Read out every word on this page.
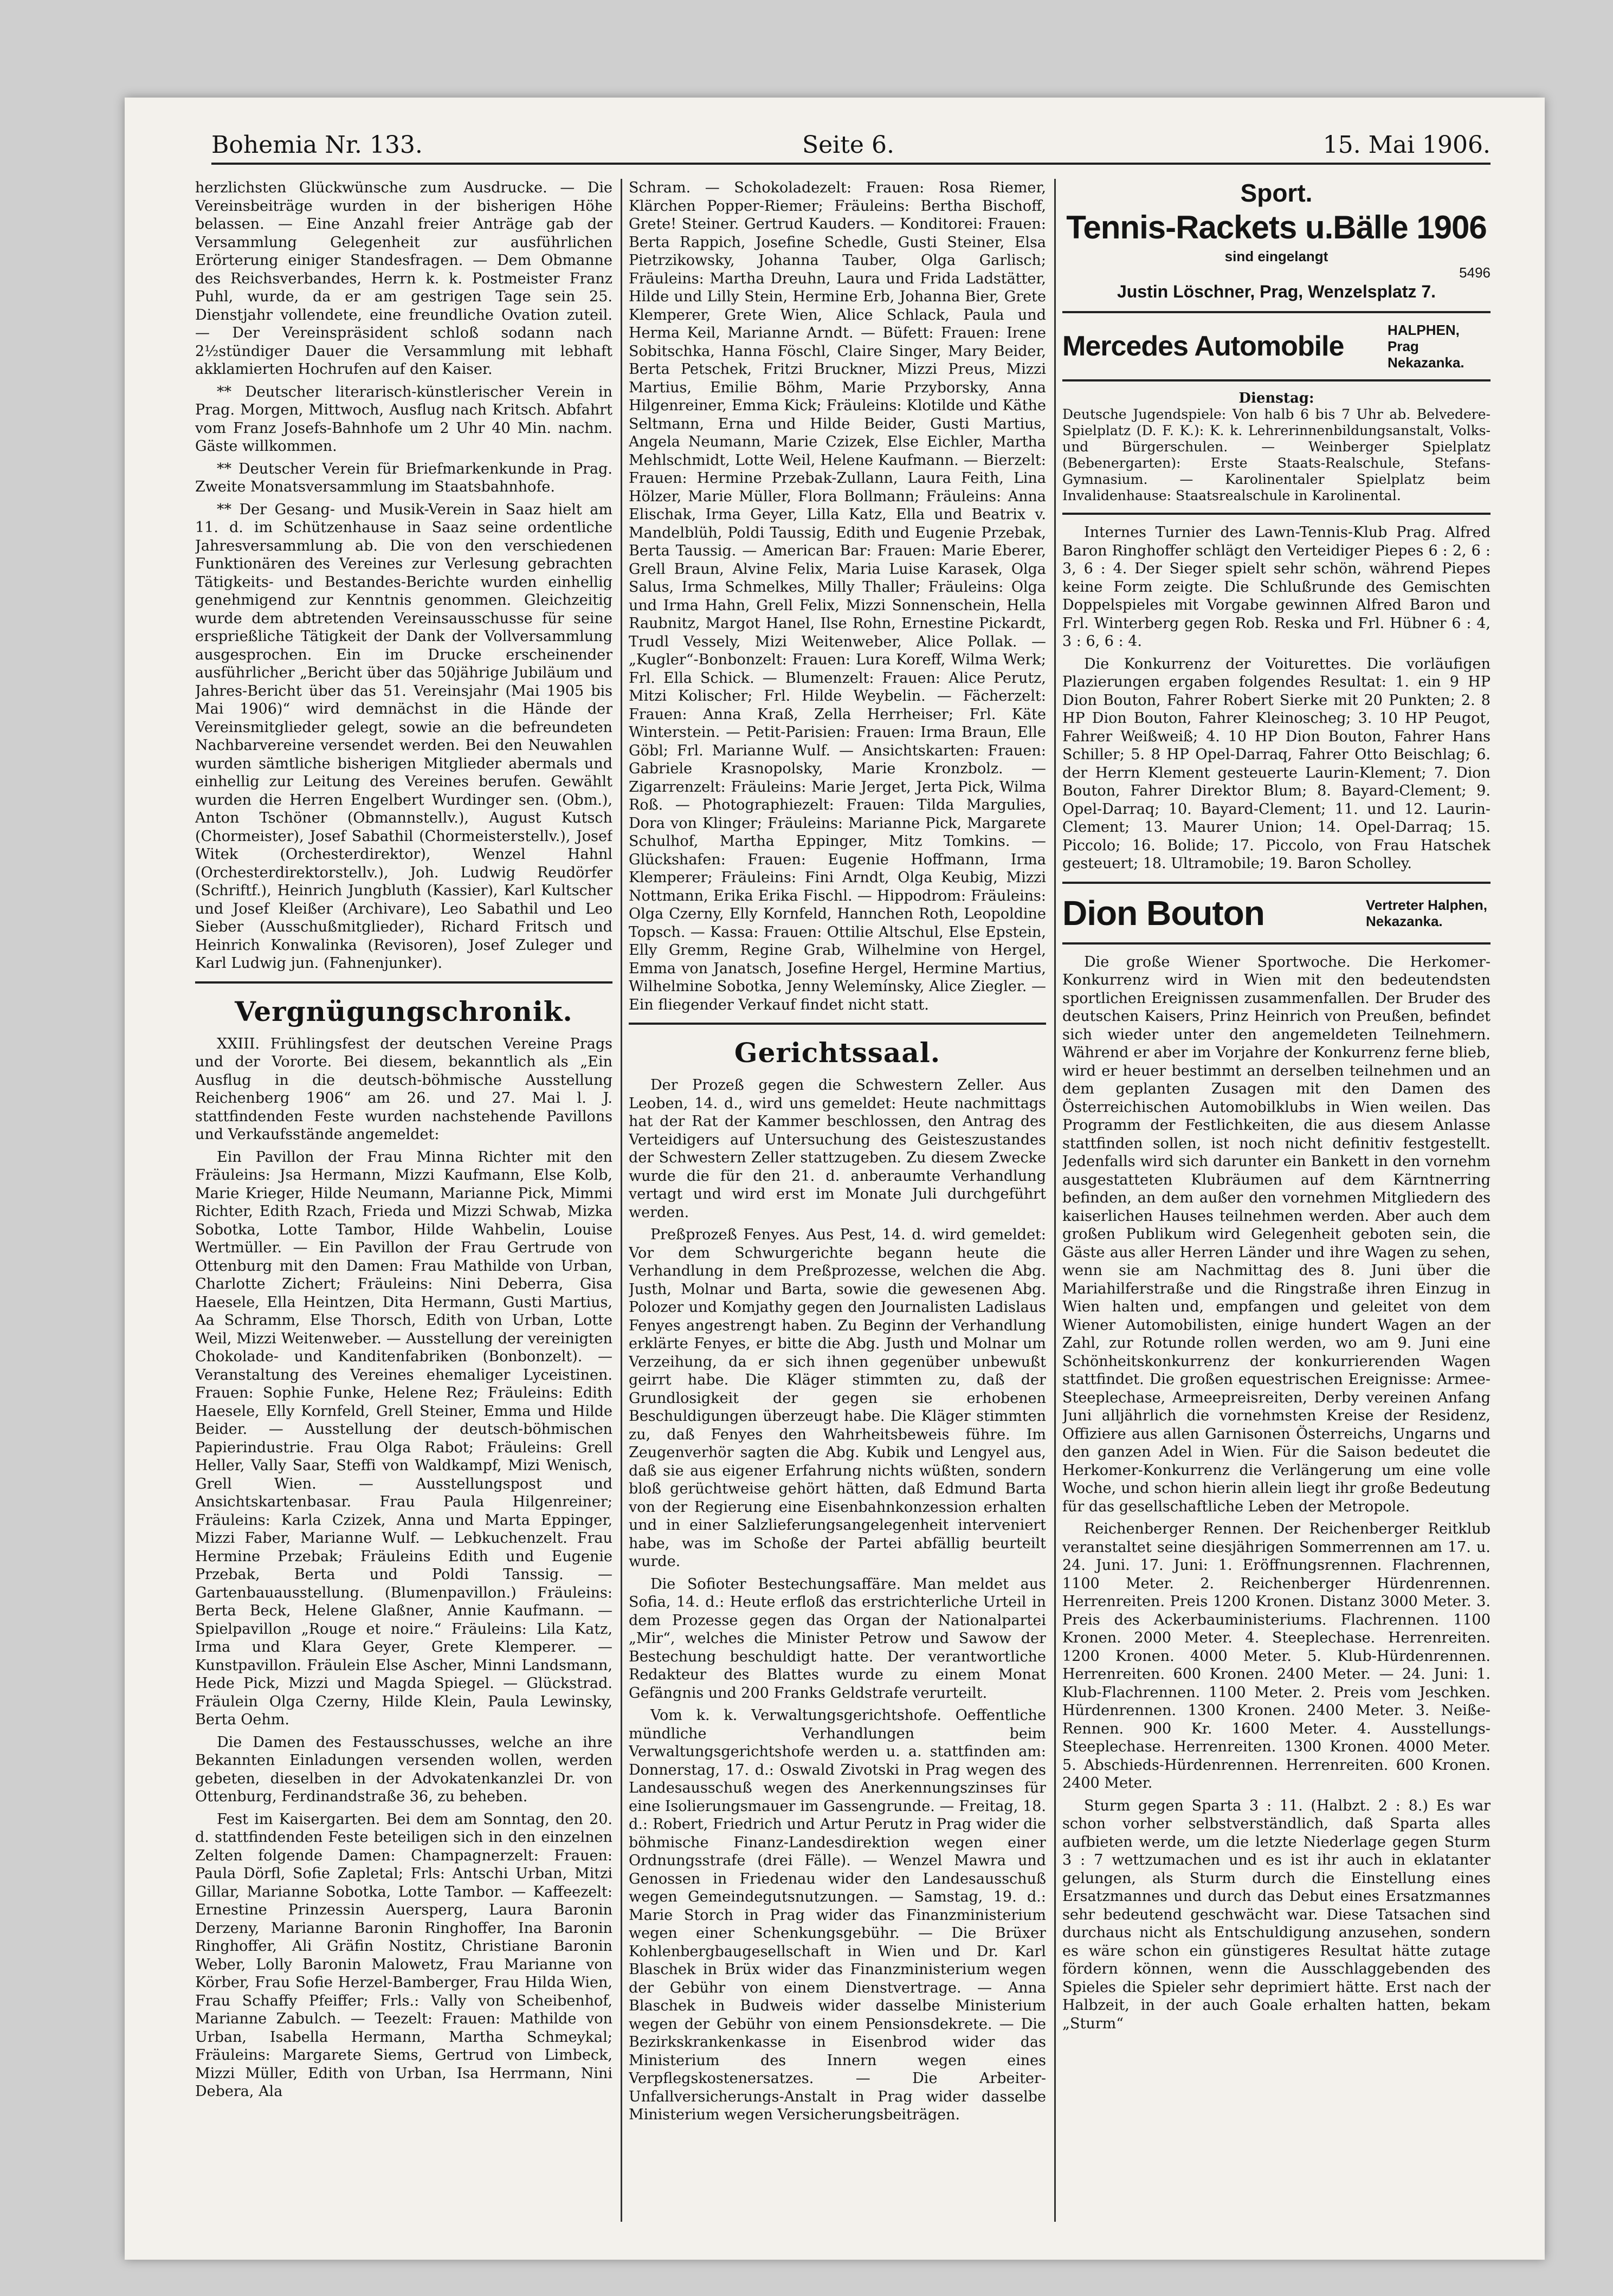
Bohemia Nr. 133.	Seite 6.	15. Mai 1906.

herzlichsten Glückwünsche zum Ausdrucke. — Die Vereinsbeiträge wurden in der bisherigen Höhe belassen. — Eine Anzahl freier Anträge gab der Versammlung Gelegenheit zur ausführlichen Erörterung einiger Standesfragen. — Dem Obmanne des Reichsverbandes, Herrn k. k. Postmeister Franz Puhl, wurde, da er am gestrigen Tage sein 25. Dienstjahr vollendete, eine freundliche Ovation zuteil. — Der Vereinspräsident schloß sodann nach 2½stündiger Dauer die Versammlung mit lebhaft akklamierten Hochrufen auf den Kaiser.

** Deutscher literarisch-künstlerischer Verein in Prag. Morgen, Mittwoch, Ausflug nach Kritsch. Abfahrt vom Franz Josefs-Bahnhofe um 2 Uhr 40 Min. nachm. Gäste willkommen.

** Deutscher Verein für Briefmarkenkunde in Prag. Zweite Monatsversammlung im Staatsbahnhofe.

** Der Gesang- und Musik-Verein in Saaz hielt am 11. d. im Schützenhause in Saaz seine ordentliche Jahresversammlung ab. Die von den verschiedenen Funktionären des Vereines zur Verlesung gebrachten Tätigkeits- und Bestandes-Berichte wurden einhellig genehmigend zur Kenntnis genommen. Gleichzeitig wurde dem abtretenden Vereinsausschusse für seine ersprießliche Tätigkeit der Dank der Vollversammlung ausgesprochen. Ein im Drucke erscheinender ausführlicher „Bericht über das 50jährige Jubiläum und Jahres-Bericht über das 51. Vereinsjahr (Mai 1905 bis Mai 1906)“ wird demnächst in die Hände der Vereinsmitglieder gelegt, sowie an die befreundeten Nachbarvereine versendet werden. Bei den Neuwahlen wurden sämtliche bisherigen Mitglieder abermals und einhellig zur Leitung des Vereines berufen. Gewählt wurden die Herren Engelbert Wurdinger sen. (Obm.), Anton Tschöner (Obmannstellv.), August Kutsch (Chormeister), Josef Sabathil (Chormeisterstellv.), Josef Witek (Orchesterdirektor), Wenzel Hahnl (Orchesterdirektorstellv.), Joh. Ludwig Reudörfer (Schriftf.), Heinrich Jungbluth (Kassier), Karl Kultscher und Josef Kleißer (Archivare), Leo Sabathil und Leo Sieber (Ausschußmitglieder), Richard Fritsch und Heinrich Konwalinka (Revisoren), Josef Zuleger und Karl Ludwig jun. (Fahnenjunker).

Vergnügungschronik.

XXIII. Frühlingsfest der deutschen Vereine Prags und der Vororte. Bei diesem, bekanntlich als „Ein Ausflug in die deutsch-böhmische Ausstellung Reichenberg 1906“ am 26. und 27. Mai l. J. stattfindenden Feste wurden nachstehende Pavillons und Verkaufsstände angemeldet:

Ein Pavillon der Frau Minna Richter mit den Fräuleins: Jsa Hermann, Mizzi Kaufmann, Else Kolb, Marie Krieger, Hilde Neumann, Marianne Pick, Mimmi Richter, Edith Rzach, Frieda und Mizzi Schwab, Mizka Sobotka, Lotte Tambor, Hilde Wahbelin, Louise Wertmüller. — Ein Pavillon der Frau Gertrude von Ottenburg mit den Damen: Frau Mathilde von Urban, Charlotte Zichert; Fräuleins: Nini Deberra, Gisa Haesele, Ella Heintzen, Dita Hermann, Gusti Martius, Aa Schramm, Else Thorsch, Edith von Urban, Lotte Weil, Mizzi Weitenweber. — Ausstellung der vereinigten Chokolade- und Kanditenfabriken (Bonbonzelt). — Veranstaltung des Vereines ehemaliger Lyceistinen. Frauen: Sophie Funke, Helene Rez; Fräuleins: Edith Haesele, Elly Kornfeld, Grell Steiner, Emma und Hilde Beider. — Ausstellung der deutsch-böhmischen Papierindustrie. Frau Olga Rabot; Fräuleins: Grell Heller, Vally Saar, Steffi von Waldkampf, Mizi Wenisch, Grell Wien. — Ausstellungspost und Ansichtskartenbasar. Frau Paula Hilgenreiner; Fräuleins: Karla Czizek, Anna und Marta Eppinger, Mizzi Faber, Marianne Wulf. — Lebkuchenzelt. Frau Hermine Przebak; Fräuleins Edith und Eugenie Przebak, Berta und Poldi Tanssig. — Gartenbauausstellung. (Blumenpavillon.) Fräuleins: Berta Beck, Helene Glaßner, Annie Kaufmann. — Spielpavillon „Rouge et noire.“ Fräuleins: Lila Katz, Irma und Klara Geyer, Grete Klemperer. — Kunstpavillon. Fräulein Else Ascher, Minni Landsmann, Hede Pick, Mizzi und Magda Spiegel. — Glückstrad. Fräulein Olga Czerny, Hilde Klein, Paula Lewinsky, Berta Oehm.

Die Damen des Festausschusses, welche an ihre Bekannten Einladungen versenden wollen, werden gebeten, dieselben in der Advokatenkanzlei Dr. von Ottenburg, Ferdinandstraße 36, zu beheben.

Fest im Kaisergarten. Bei dem am Sonntag, den 20. d. stattfindenden Feste beteiligen sich in den einzelnen Zelten folgende Damen: Champagnerzelt: Frauen: Paula Dörfl, Sofie Zapletal; Frls: Antschi Urban, Mitzi Gillar, Marianne Sobotka, Lotte Tambor. — Kaffeezelt: Ernestine Prinzessin Auersperg, Laura Baronin Derzeny, Marianne Baronin Ringhoffer, Ina Baronin Ringhoffer, Ali Gräfin Nostitz, Christiane Baronin Weber, Lolly Baronin Malowetz, Frau Marianne von Körber, Frau Sofie Herzel-Bamberger, Frau Hilda Wien, Frau Schaffy Pfeiffer; Frls.: Vally von Scheibenhof, Marianne Zabulch. — Teezelt: Frauen: Mathilde von Urban, Isabella Hermann, Martha Schmeykal; Fräuleins: Margarete Siems, Gertrud von Limbeck, Mizzi Müller, Edith von Urban, Isa Herrmann, Nini Debera, Ala

Schram. — Schokoladezelt: Frauen: Rosa Riemer, Klärchen Popper-Riemer; Fräuleins: Bertha Bischoff, Grete! Steiner. Gertrud Kauders. — Konditorei: Frauen: Berta Rappich, Josefine Schedle, Gusti Steiner, Elsa Pietrzikowsky, Johanna Tauber, Olga Garlisch; Fräuleins: Martha Dreuhn, Laura und Frida Ladstätter, Hilde und Lilly Stein, Hermine Erb, Johanna Bier, Grete Klemperer, Grete Wien, Alice Schlack, Paula und Herma Keil, Marianne Arndt. — Büfett: Frauen: Irene Sobitschka, Hanna Föschl, Claire Singer, Mary Beider, Berta Petschek, Fritzi Bruckner, Mizzi Preus, Mizzi Martius, Emilie Böhm, Marie Przyborsky, Anna Hilgenreiner, Emma Kick; Fräuleins: Klotilde und Käthe Seltmann, Erna und Hilde Beider, Gusti Martius, Angela Neumann, Marie Czizek, Else Eichler, Martha Mehlschmidt, Lotte Weil, Helene Kaufmann. — Bierzelt: Frauen: Hermine Przebak-Zullann, Laura Feith, Lina Hölzer, Marie Müller, Flora Bollmann; Fräuleins: Anna Elischak, Irma Geyer, Lilla Katz, Ella und Beatrix v. Mandelblüh, Poldi Taussig, Edith und Eugenie Przebak, Berta Taussig. — American Bar: Frauen: Marie Eberer, Grell Braun, Alvine Felix, Maria Luise Karasek, Olga Salus, Irma Schmelkes, Milly Thaller; Fräuleins: Olga und Irma Hahn, Grell Felix, Mizzi Sonnenschein, Hella Raubnitz, Margot Hanel, Ilse Rohn, Ernestine Pickardt, Trudl Vessely, Mizi Weitenweber, Alice Pollak. — „Kugler“-Bonbonzelt: Frauen: Lura Koreff, Wilma Werk; Frl. Ella Schick. — Blumenzelt: Frauen: Alice Perutz, Mitzi Kolischer; Frl. Hilde Weybelin. — Fächerzelt: Frauen: Anna Kraß, Zella Herrheiser; Frl. Käte Winterstein. — Petit-Parisien: Frauen: Irma Braun, Elle Göbl; Frl. Marianne Wulf. — Ansichtskarten: Frauen: Gabriele Krasnopolsky, Marie Kronzbolz. — Zigarrenzelt: Fräuleins: Marie Jerget, Jerta Pick, Wilma Roß. — Photographiezelt: Frauen: Tilda Margulies, Dora von Klinger; Fräuleins: Marianne Pick, Margarete Schulhof, Martha Eppinger, Mitz Tomkins. — Glückshafen: Frauen: Eugenie Hoffmann, Irma Klemperer; Fräuleins: Fini Arndt, Olga Keubig, Mizzi Nottmann, Erika Erika Fischl. — Hippodrom: Fräuleins: Olga Czerny, Elly Kornfeld, Hannchen Roth, Leopoldine Topsch. — Kassa: Frauen: Ottilie Altschul, Else Epstein, Elly Gremm, Regine Grab, Wilhelmine von Hergel, Emma von Janatsch, Josefine Hergel, Hermine Martius, Wilhelmine Sobotka, Jenny Welemínsky, Alice Ziegler. — Ein fliegender Verkauf findet nicht statt.

Gerichtssaal.

Der Prozeß gegen die Schwestern Zeller. Aus Leoben, 14. d., wird uns gemeldet: Heute nachmittags hat der Rat der Kammer beschlossen, den Antrag des Verteidigers auf Untersuchung des Geisteszustandes der Schwestern Zeller stattzugeben. Zu diesem Zwecke wurde die für den 21. d. anberaumte Verhandlung vertagt und wird erst im Monate Juli durchgeführt werden.

Preßprozeß Fenyes. Aus Pest, 14. d. wird gemeldet: Vor dem Schwurgerichte begann heute die Verhandlung in dem Preßprozesse, welchen die Abg. Justh, Molnar und Barta, sowie die gewesenen Abg. Polozer und Komjathy gegen den Journalisten Ladislaus Fenyes angestrengt haben. Zu Beginn der Verhandlung erklärte Fenyes, er bitte die Abg. Justh und Molnar um Verzeihung, da er sich ihnen gegenüber unbewußt geirrt habe. Die Kläger stimmten zu, daß der Grundlosigkeit der gegen sie erhobenen Beschuldigungen überzeugt habe. Die Kläger stimmten zu, daß Fenyes den Wahrheitsbeweis führe. Im Zeugenverhör sagten die Abg. Kubik und Lengyel aus, daß sie aus eigener Erfahrung nichts wüßten, sondern bloß gerüchtweise gehört hätten, daß Edmund Barta von der Regierung eine Eisenbahnkonzession erhalten und in einer Salzlieferungsangelegenheit interveniert habe, was im Schoße der Partei abfällig beurteilt wurde.

Die Sofioter Bestechungsaffäre. Man meldet aus Sofia, 14. d.: Heute erfloß das erstrichterliche Urteil in dem Prozesse gegen das Organ der Nationalpartei „Mir“, welches die Minister Petrow und Sawow der Bestechung beschuldigt hatte. Der verantwortliche Redakteur des Blattes wurde zu einem Monat Gefängnis und 200 Franks Geldstrafe verurteilt.

Vom k. k. Verwaltungsgerichtshofe. Oeffentliche mündliche Verhandlungen beim Verwaltungsgerichtshofe werden u. a. stattfinden am: Donnerstag, 17. d.: Oswald Zivotski in Prag wegen des Landesausschuß wegen des Anerkennungszinses für eine Isolierungsmauer im Gassengrunde. — Freitag, 18. d.: Robert, Friedrich und Artur Perutz in Prag wider die böhmische Finanz-Landesdirektion wegen einer Ordnungsstrafe (drei Fälle). — Wenzel Mawra und Genossen in Friedenau wider den Landesausschuß wegen Gemeindegutsnutzungen. — Samstag, 19. d.: Marie Storch in Prag wider das Finanzministerium wegen einer Schenkungsgebühr. — Die Brüxer Kohlenbergbaugesellschaft in Wien und Dr. Karl Blaschek in Brüx wider das Finanzministerium wegen der Gebühr von einem Dienstvertrage. — Anna Blaschek in Budweis wider dasselbe Ministerium wegen der Gebühr von einem Pensionsdekrete. — Die Bezirkskrankenkasse in Eisenbrod wider das Ministerium des Innern wegen eines Verpflegskostenersatzes. — Die Arbeiter-Unfallversicherungs-Anstalt in Prag wider dasselbe Ministerium wegen Versicherungsbeiträgen.

Sport.
Tennis-Rackets u.Bälle 1906
sind eingelangt
5496
Justin Löschner, Prag, Wenzelsplatz 7.
Mercedes Automobile
HALPHEN, Prag Nekazanka.
Dienstag:

Deutsche Jugendspiele: Von halb 6 bis 7 Uhr ab. Belvedere-Spielplatz (D. F. K.): K. k. Lehrerinnenbildungsanstalt, Volks- und Bürgerschulen. — Weinberger Spielplatz (Bebenergarten): Erste Staats-Realschule, Stefans-Gymnasium. — Karolinentaler Spielplatz beim Invalidenhause: Staatsrealschule in Karolinental.

Internes Turnier des Lawn-Tennis-Klub Prag. Alfred Baron Ringhoffer schlägt den Verteidiger Piepes 6 : 2, 6 : 3, 6 : 4. Der Sieger spielt sehr schön, während Piepes keine Form zeigte. Die Schlußrunde des Gemischten Doppelspieles mit Vorgabe gewinnen Alfred Baron und Frl. Winterberg gegen Rob. Reska und Frl. Hübner 6 : 4, 3 : 6, 6 : 4.

Die Konkurrenz der Voiturettes. Die vorläufigen Plazierungen ergaben folgendes Resultat: 1. ein 9 HP Dion Bouton, Fahrer Robert Sierke mit 20 Punkten; 2. 8 HP Dion Bouton, Fahrer Kleinoscheg; 3. 10 HP Peugot, Fahrer Weißweiß; 4. 10 HP Dion Bouton, Fahrer Hans Schiller; 5. 8 HP Opel-Darraq, Fahrer Otto Beischlag; 6. der Herrn Klement gesteuerte Laurin-Klement; 7. Dion Bouton, Fahrer Direktor Blum; 8. Bayard-Clement; 9. Opel-Darraq; 10. Bayard-Clement; 11. und 12. Laurin-Clement; 13. Maurer Union; 14. Opel-Darraq; 15. Piccolo; 16. Bolide; 17. Piccolo, von Frau Hatschek gesteuert; 18. Ultramobile; 19. Baron Scholley.

Dion Bouton	Vertreter Halphen, Nekazanka.

Die große Wiener Sportwoche. Die Herkomer-Konkurrenz wird in Wien mit den bedeutendsten sportlichen Ereignissen zusammenfallen. Der Bruder des deutschen Kaisers, Prinz Heinrich von Preußen, befindet sich wieder unter den angemeldeten Teilnehmern. Während er aber im Vorjahre der Konkurrenz ferne blieb, wird er heuer bestimmt an derselben teilnehmen und an dem geplanten Zusagen mit den Damen des Österreichischen Automobilklubs in Wien weilen. Das Programm der Festlichkeiten, die aus diesem Anlasse stattfinden sollen, ist noch nicht definitiv festgestellt. Jedenfalls wird sich darunter ein Bankett in den vornehm ausgestatteten Klubräumen auf dem Kärntnerring befinden, an dem außer den vornehmen Mitgliedern des kaiserlichen Hauses teilnehmen werden. Aber auch dem großen Publikum wird Gelegenheit geboten sein, die Gäste aus aller Herren Länder und ihre Wagen zu sehen, wenn sie am Nachmittag des 8. Juni über die Mariahilferstraße und die Ringstraße ihren Einzug in Wien halten und, empfangen und geleitet von dem Wiener Automobilisten, einige hundert Wagen an der Zahl, zur Rotunde rollen werden, wo am 9. Juni eine Schönheitskonkurrenz der konkurrierenden Wagen stattfindet. Die großen equestrischen Ereignisse: Armee-Steeplechase, Armeepreisreiten, Derby vereinen Anfang Juni alljährlich die vornehmsten Kreise der Residenz, Offiziere aus allen Garnisonen Österreichs, Ungarns und den ganzen Adel in Wien. Für die Saison bedeutet die Herkomer-Konkurrenz die Verlängerung um eine volle Woche, und schon hierin allein liegt ihr große Bedeutung für das gesellschaftliche Leben der Metropole.

Reichenberger Rennen. Der Reichenberger Reitklub veranstaltet seine diesjährigen Sommerrennen am 17. u. 24. Juni. 17. Juni: 1. Eröffnungsrennen. Flachrennen, 1100 Meter. 2. Reichenberger Hürdenrennen. Herrenreiten. Preis 1200 Kronen. Distanz 3000 Meter. 3. Preis des Ackerbauministeriums. Flachrennen. 1100 Kronen. 2000 Meter. 4. Steeplechase. Herrenreiten. 1200 Kronen. 4000 Meter. 5. Klub-Hürdenrennen. Herrenreiten. 600 Kronen. 2400 Meter. — 24. Juni: 1. Klub-Flachrennen. 1100 Meter. 2. Preis vom Jeschken. Hürdenrennen. 1300 Kronen. 2400 Meter. 3. Neiße-Rennen. 900 Kr. 1600 Meter. 4. Ausstellungs-Steeplechase. Herrenreiten. 1300 Kronen. 4000 Meter. 5. Abschieds-Hürdenrennen. Herrenreiten. 600 Kronen. 2400 Meter.

Sturm gegen Sparta 3 : 11. (Halbzt. 2 : 8.) Es war schon vorher selbstverständlich, daß Sparta alles aufbieten werde, um die letzte Niederlage gegen Sturm 3 : 7 wettzumachen und es ist ihr auch in eklatanter gelungen, als Sturm durch die Einstellung eines Ersatzmannes und durch das Debut eines Ersatzmannes sehr bedeutend geschwächt war. Diese Tatsachen sind durchaus nicht als Entschuldigung anzusehen, sondern es wäre schon ein günstigeres Resultat hätte zutage fördern können, wenn die Ausschlaggebenden des Spieles die Spieler sehr deprimiert hätte. Erst nach der Halbzeit, in der auch Goale erhalten hatten, bekam „Sturm“
